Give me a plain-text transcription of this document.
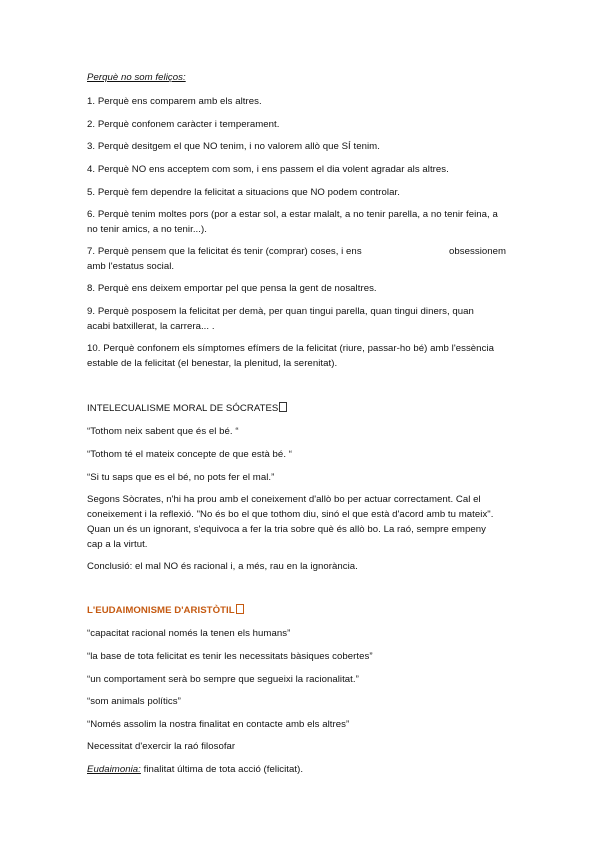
Perquè no som feliços:
1. Perquè ens comparem amb els altres.
2. Perquè confonem caràcter i temperament.
3. Perquè desitgem el que NO tenim, i no valorem allò que SÍ tenim.
4. Perquè NO ens acceptem com som, i ens passem el dia volent agradar als altres.
5. Perquè fem dependre la felicitat a situacions que NO podem controlar.
6. Perquè tenim moltes pors (por a estar sol, a estar malalt, a no tenir parella, a no tenir feina, a
no tenir amics, a no tenir...).
7. Perquè pensem que la felicitat és tenir (comprar) coses, i ens	obsessionem
amb l'estatus social.
8. Perquè ens deixem emportar pel que pensa la gent de nosaltres.
9. Perquè posposem la felicitat per demà, per quan tingui parella, quan tingui diners, quan
acabi batxillerat, la carrera... .
10. Perquè confonem els símptomes efímers de la felicitat (riure, passar-ho bé) amb l'essència
estable de la felicitat (el benestar, la plenitud, la serenitat).
INTELECUALISME MORAL DE SÓCRATES
“Tothom neix sabent que és el bé. “
“Tothom té el mateix concepte de que està bé. “
“Si tu saps que es el bé, no pots fer el mal.”
Segons Sòcrates, n'hi ha prou amb el coneixement d'allò bo per actuar correctament. Cal el
coneixement i la reflexió. "No és bo el que tothom diu, sinó el que està d'acord amb tu mateix".
Quan un és un ignorant, s'equivoca a fer la tria sobre què és allò bo. La raó, sempre empeny
cap a la virtut.
Conclusió: el mal NO és racional i, a més, rau en la ignorància.
L'EUDAIMONISME D'ARISTÒTIL
“capacitat racional només la tenen els humans”
“la base de tota felicitat es tenir les necessitats bàsiques cobertes”
“un comportament serà bo sempre que segueixi la racionalitat.”
“som animals polítics”
“Només assolim la nostra finalitat en contacte amb els altres”
Necessitat d'exercir la raó filosofar
Eudaimonia: finalitat última de tota acció (felicitat).
